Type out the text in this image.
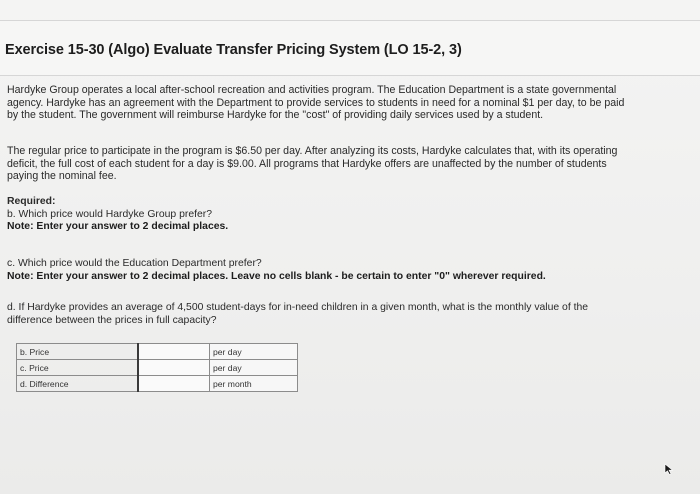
Exercise 15-30 (Algo) Evaluate Transfer Pricing System (LO 15-2, 3)
Hardyke Group operates a local after-school recreation and activities program. The Education Department is a state governmental
agency. Hardyke has an agreement with the Department to provide services to students in need for a nominal $1 per day, to be paid
by the student. The government will reimburse Hardyke for the "cost" of providing daily services used by a student.
The regular price to participate in the program is $6.50 per day. After analyzing its costs, Hardyke calculates that, with its operating
deficit, the full cost of each student for a day is $9.00. All programs that Hardyke offers are unaffected by the number of students
paying the nominal fee.
Required:
b. Which price would Hardyke Group prefer?
Note: Enter your answer to 2 decimal places.
c. Which price would the Education Department prefer?
Note: Enter your answer to 2 decimal places. Leave no cells blank - be certain to enter "0" wherever required.
d. If Hardyke provides an average of 4,500 student-days for in-need children in a given month, what is the monthly value of the
difference between the prices in full capacity?
b. Price		per day
c. Price		per day
d. Difference		per month
